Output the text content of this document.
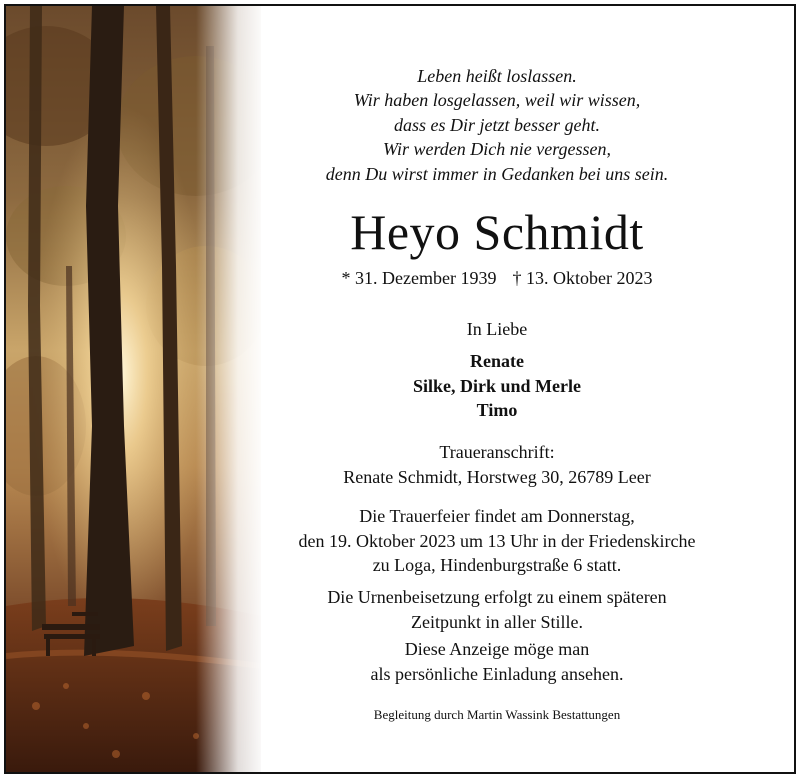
Leben heißt loslassen.
Wir haben losgelassen, weil wir wissen,
dass es Dir jetzt besser geht.
Wir werden Dich nie vergessen,
denn Du wirst immer in Gedanken bei uns sein.
Heyo Schmidt
* 31. Dezember 1939 † 13. Oktober 2023
In Liebe
Renate
Silke, Dirk und Merle
Timo
Traueranschrift:
Renate Schmidt, Horstweg 30, 26789 Leer
Die Trauerfeier findet am Donnerstag,
den 19. Oktober 2023 um 13 Uhr in der Friedenskirche
zu Loga, Hindenburgstraße 6 statt.
Die Urnenbeisetzung erfolgt zu einem späteren
Zeitpunkt in aller Stille.
Diese Anzeige möge man
als persönliche Einladung ansehen.
Begleitung durch Martin Wassink Bestattungen
